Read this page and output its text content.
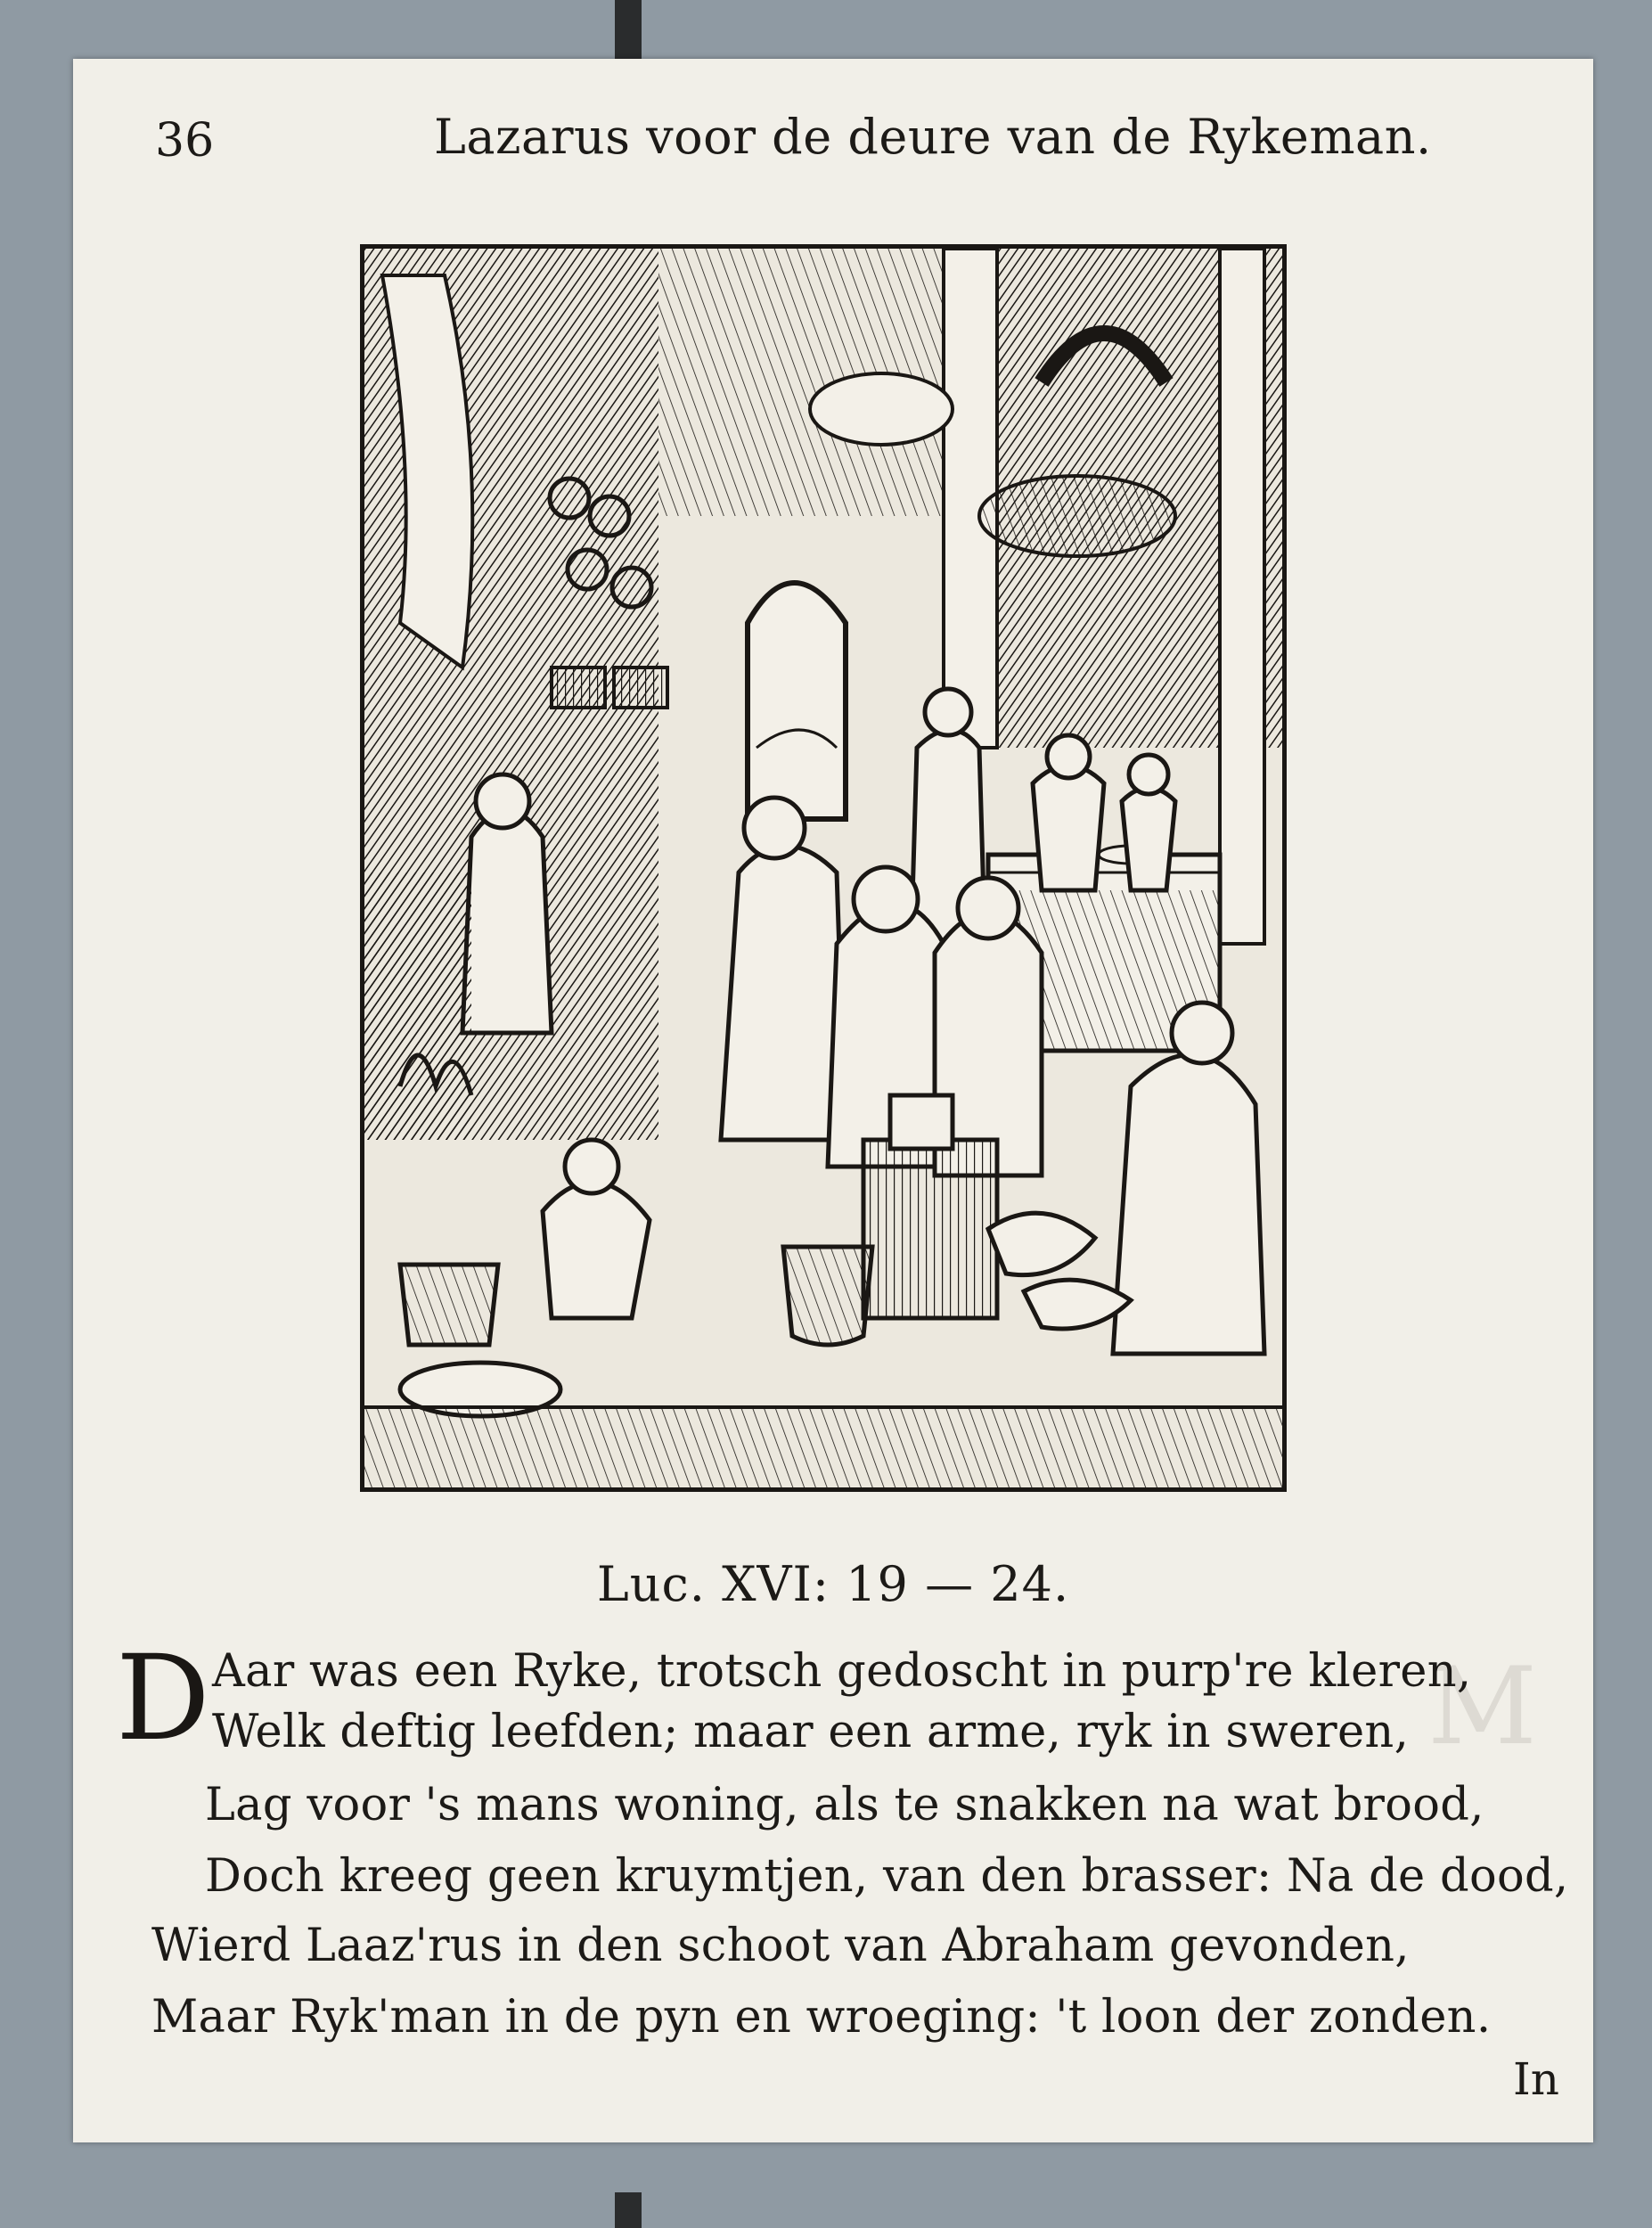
M
36	Lazarus voor de deure van de Rykeman.
Luc. XVI: 19 — 24.
D Aar was een Ryke, trotsch gedoscht in purp're kleren,
Welk deftig leefden; maar een arme, ryk in sweren,
Lag voor 's mans woning, als te snakken na wat brood,
Doch kreeg geen kruymtjen, van den brasser: Na de dood,
Wierd Laaz'rus in den schoot van Abraham gevonden,
Maar Ryk'man in de pyn en wroeging: 't loon der zonden.
In
